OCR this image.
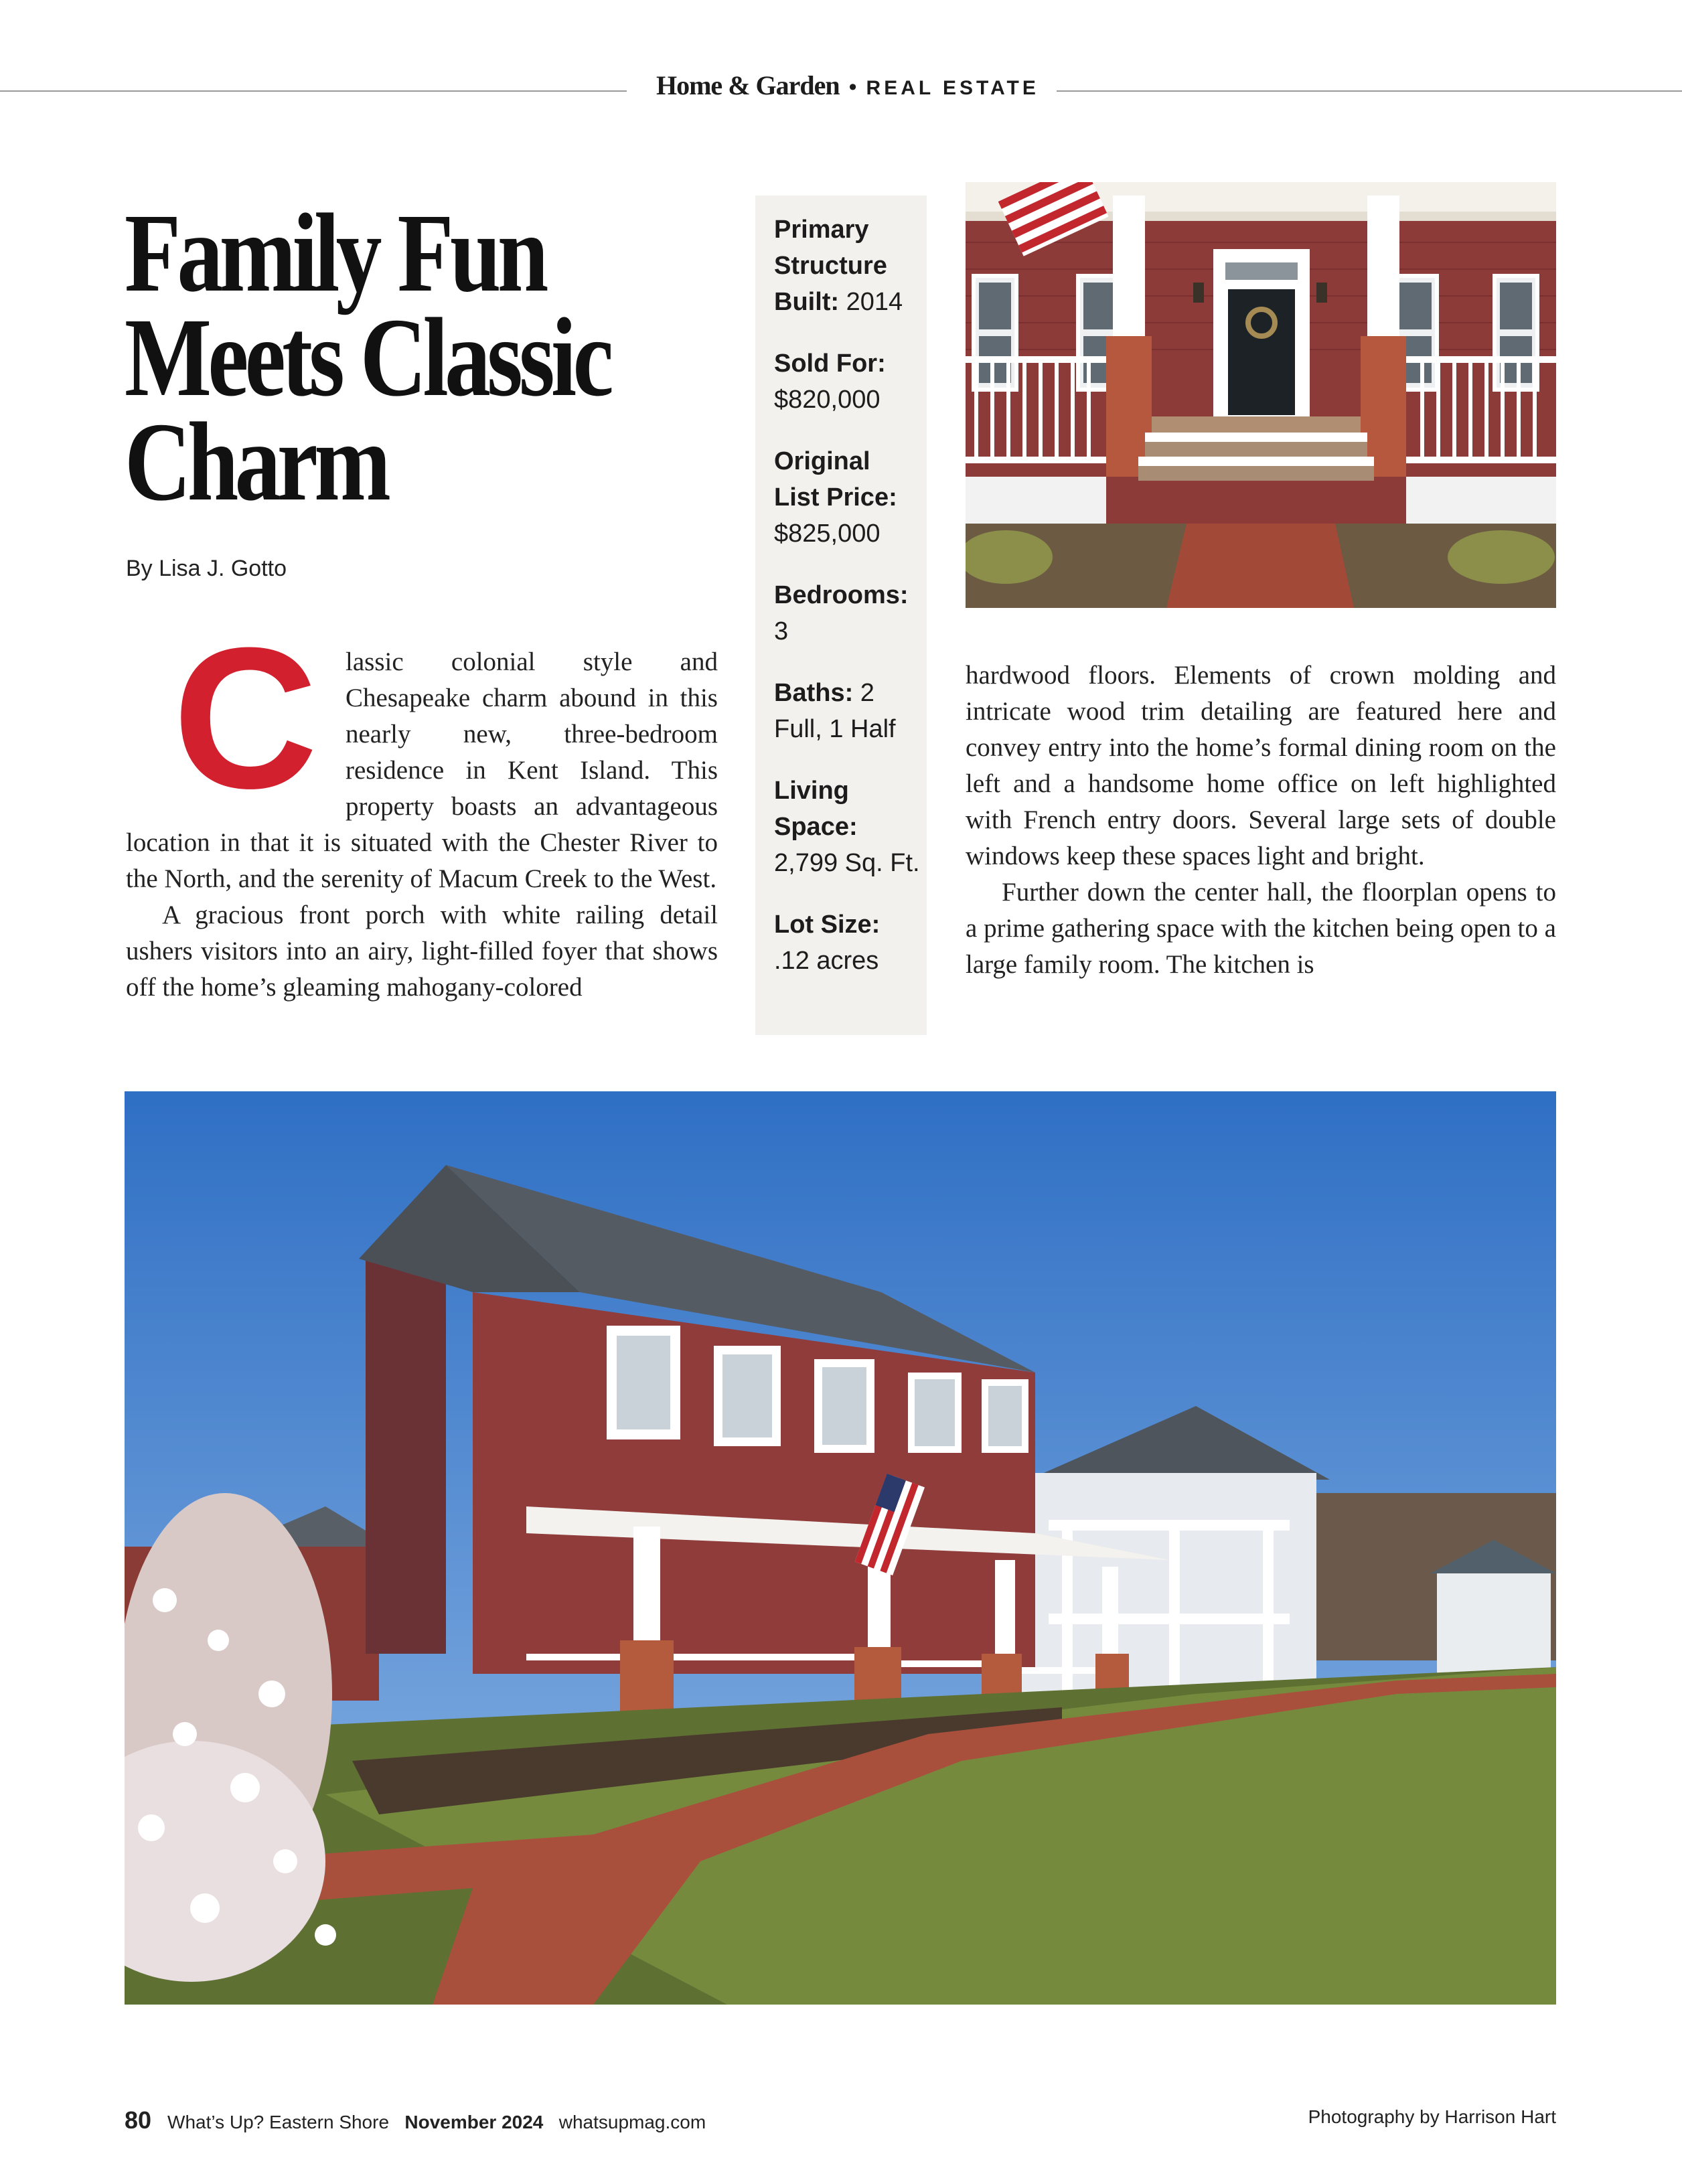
Home & Garden • REAL ESTATE
Family Fun
Meets Classic
Charm
By Lisa J. Gotto
C	lassic colonial style and Chesapeake charm abound in this nearly new, three-bedroom residence in Kent Island. This property boasts an advantageous location in that it is situated with the Chester River to the North, and the serenity of Macum Creek to the West.

A gracious front porch with white railing detail ushers visitors into an airy, light-filled foyer that shows off the home’s gleaming mahogany-colored

Primary Structure Built: 2014
Sold For:
$820,000
Original List Price:
$825,000
Bedrooms:
3
Baths: 2 Full, 1 Half
Living Space:
2,799 Sq. Ft.
Lot Size:
.12 acres

hardwood floors. Elements of crown molding and intricate wood trim detailing are featured here and convey entry into the home’s formal dining room on the left and a handsome home office on left highlighted with French entry doors. Several large sets of double windows keep these spaces light and bright.

Further down the center hall, the floorplan opens to a prime gathering space with the kitchen being open to a large family room. The kitchen is

80 What’s Up? Eastern Shore November 2024 whatsupmag.com	Photography by Harrison Hart
